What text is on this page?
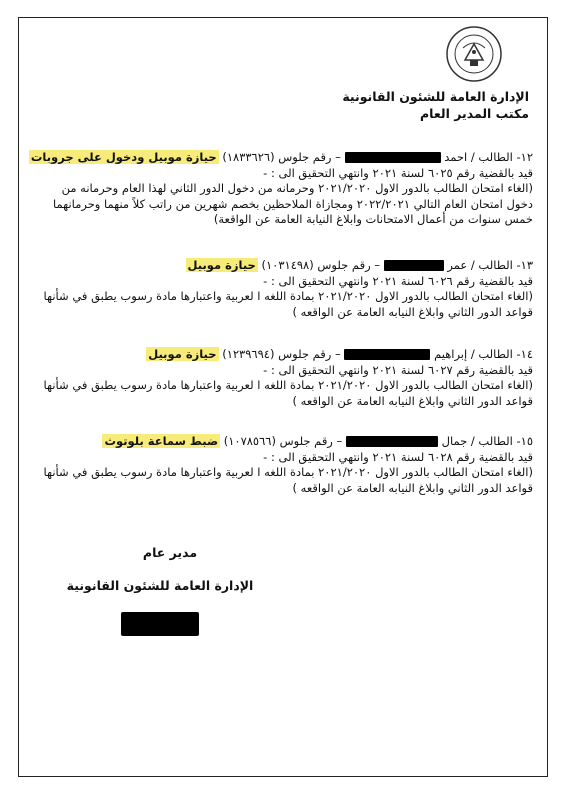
الإدارة العامة للشئون القانونية
مكتب المدير العام
١٢- الطالب / احمد  – رقم جلوس (١٨٣٣٦٢٦) حيازة موبيل ودخول على جروبات
قيد بالقضية رقم ٦٠٢٥ لسنة ٢٠٢١ وانتهي التحقيق الى : -
(الغاء امتحان الطالب بالدور الاول ٢٠٢١/٢٠٢٠ وحرمانه من دخول الدور الثاني لهذا العام وحرمانه من
دخول امتحان العام التالي ٢٠٢٢/٢٠٢١ ومجازاة الملاحظين بخصم شهرين من راتب كلاً منهما وحرمانهما
خمس سنوات من أعمال الامتحانات وابلاغ النيابة العامة عن الواقعة)
١٣- الطالب / عمر  – رقم جلوس (١٠٣١٤٩٨) حيازة موبيل
قيد بالقضية رقم ٦٠٢٦ لسنة ٢٠٢١ وانتهي التحقيق الى : -
(الغاء امتحان الطالب بالدور الاول ٢٠٢١/٢٠٢٠ بمادة اللغه ا لعربية واعتبارها مادة رسوب يطبق في شأنها
قواعد الدور الثاني وابلاغ النيابه العامة عن الواقعه )
١٤- الطالب / إبراهيم  – رقم جلوس (١٢٣٩٦٩٤) حيازة موبيل
قيد بالقضية رقم ٦٠٢٧ لسنة ٢٠٢١ وانتهي التحقيق الى : -
(الغاء امتحان الطالب بالدور الاول ٢٠٢١/٢٠٢٠ بمادة اللغه ا لعربية واعتبارها مادة رسوب يطبق في شأنها
قواعد الدور الثاني وابلاغ النيابه العامة عن الواقعه )
١٥- الطالب / جمال  – رقم جلوس (١٠٧٨٥٦٦) ضبط سماعة بلوتوث
قيد بالقضية رقم ٦٠٢٨ لسنة ٢٠٢١ وانتهي التحقيق الى : -
(الغاء امتحان الطالب بالدور الاول ٢٠٢١/٢٠٢٠ بمادة اللغه ا لعربية واعتبارها مادة رسوب يطبق في شأنها
قواعد الدور الثاني وابلاغ النيابه العامة عن الواقعه )
مدير عام
الإدارة العامة للشئون القانونية
